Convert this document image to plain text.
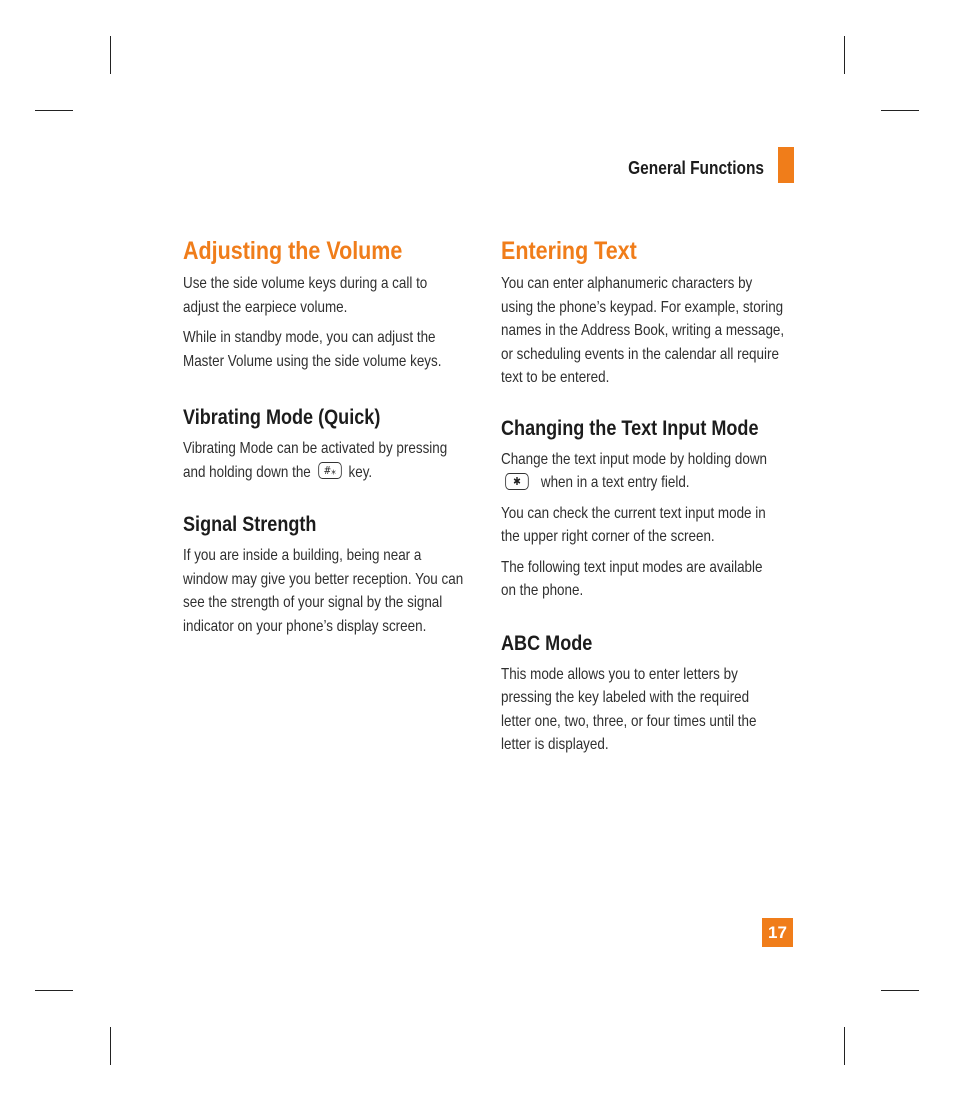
General Functions
Adjusting the Volume

Use the side volume keys during a call to
adjust the earpiece volume.

While in standby mode, you can adjust the
Master Volume using the side volume keys.

Vibrating Mode (Quick)

Vibrating Mode can be activated by pressing
and holding down the #⁎ key.

Signal Strength

If you are inside a building, being near a
window may give you better reception. You can
see the strength of your signal by the signal
indicator on your phone’s display screen.

Entering Text

You can enter alphanumeric characters by
using the phone’s keypad. For example, storing
names in the Address Book, writing a message,
or scheduling events in the calendar all require
text to be entered.

Changing the Text Input Mode

Change the text input mode by holding down
✱ when in a text entry field.

You can check the current text input mode in
the upper right corner of the screen.

The following text input modes are available
on the phone.

ABC Mode

This mode allows you to enter letters by
pressing the key labeled with the required
letter one, two, three, or four times until the
letter is displayed.

17
